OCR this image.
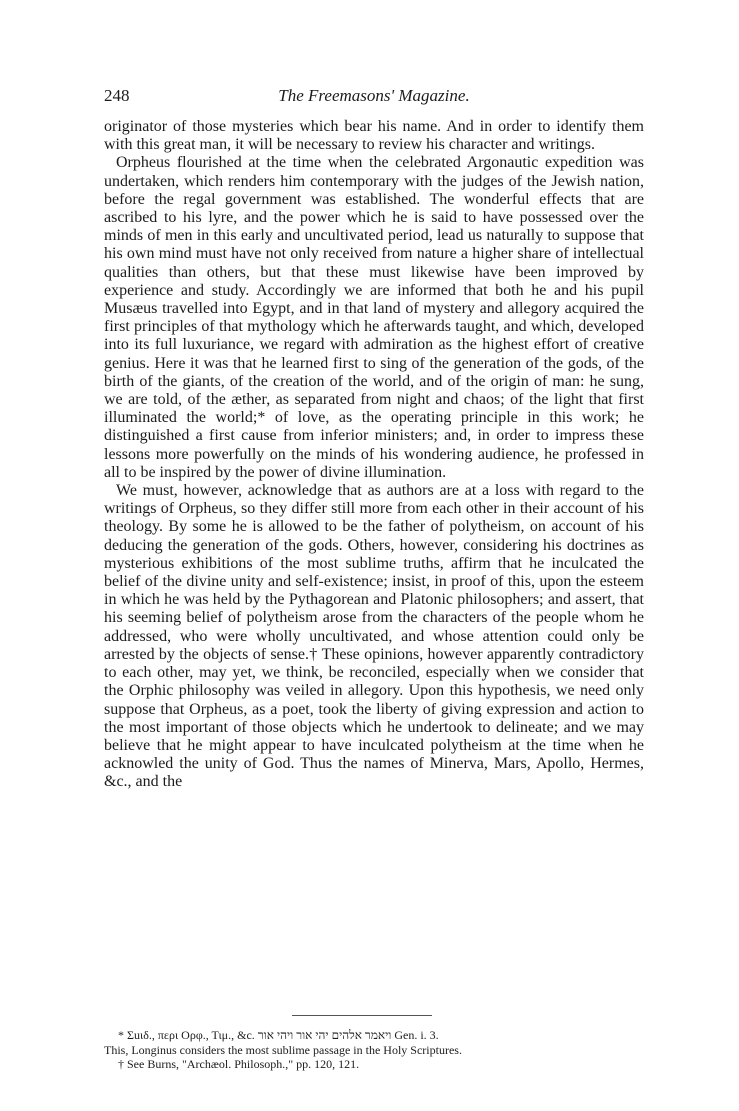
248	The Freemasons' Magazine.

originator of those mysteries which bear his name. And in order to identify them with this great man, it will be necessary to review his character and writings.

Orpheus flourished at the time when the celebrated Argonautic expedition was undertaken, which renders him contemporary with the judges of the Jewish nation, before the regal government was established. The wonderful effects that are ascribed to his lyre, and the power which he is said to have possessed over the minds of men in this early and uncultivated period, lead us naturally to suppose that his own mind must have not only received from nature a higher share of intellectual qualities than others, but that these must likewise have been improved by experience and study. Accordingly we are informed that both he and his pupil Musæus travelled into Egypt, and in that land of mystery and allegory acquired the first principles of that mythology which he afterwards taught, and which, developed into its full luxuriance, we regard with admiration as the highest effort of creative genius. Here it was that he learned first to sing of the generation of the gods, of the birth of the giants, of the creation of the world, and of the origin of man: he sung, we are told, of the æther, as separated from night and chaos; of the light that first illuminated the world;* of love, as the operating principle in this work; he distinguished a first cause from inferior ministers; and, in order to impress these lessons more powerfully on the minds of his wondering audience, he professed in all to be inspired by the power of divine illumination.

We must, however, acknowledge that as authors are at a loss with regard to the writings of Orpheus, so they differ still more from each other in their account of his theology. By some he is allowed to be the father of polytheism, on account of his deducing the generation of the gods. Others, however, considering his doctrines as mysterious exhibitions of the most sublime truths, affirm that he inculcated the belief of the divine unity and self-existence; insist, in proof of this, upon the esteem in which he was held by the Pythagorean and Platonic philosophers; and assert, that his seeming belief of polytheism arose from the characters of the people whom he addressed, who were wholly uncultivated, and whose attention could only be arrested by the objects of sense.† These opinions, however apparently contradictory to each other, may yet, we think, be reconciled, especially when we consider that the Orphic philosophy was veiled in allegory. Upon this hypothesis, we need only suppose that Orpheus, as a poet, took the liberty of giving expression and action to the most important of those objects which he undertook to delineate; and we may believe that he might appear to have inculcated polytheism at the time when he acknowled the unity of God. Thus the names of Minerva, Mars, Apollo, Hermes, &c., and the

* Σuιδ., περι Ορφ., Τιμ., &c. ויאמר אלהים יהי אור ויהי אור Gen. i. 3.

This, Longinus considers the most sublime passage in the Holy Scriptures.

† See Burns, "Archæol. Philosoph.," pp. 120, 121.
